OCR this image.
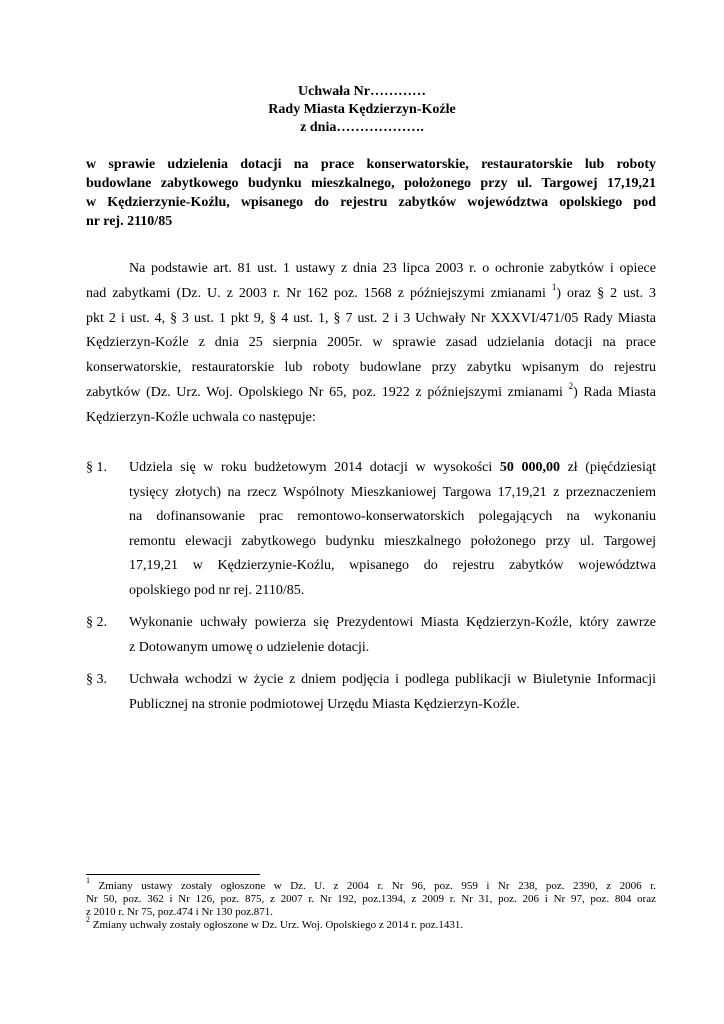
Uchwała Nr…………
Rady Miasta Kędzierzyn-Koźle
z dnia……………….
w sprawie udzielenia dotacji na prace konserwatorskie, restauratorskie lub roboty
budowlane zabytkowego budynku mieszkalnego, położonego przy ul. Targowej 17,19,21
w Kędzierzynie-Koźlu, wpisanego do rejestru zabytków województwa opolskiego pod
nr rej. 2110/85
Na podstawie art. 81 ust. 1 ustawy z dnia 23 lipca 2003 r. o ochronie zabytków i opiece
nad zabytkami (Dz. U. z 2003 r. Nr 162 poz. 1568 z późniejszymi zmianami $^1$) oraz § 2 ust. 3
pkt 2 i ust. 4, § 3 ust. 1 pkt 9, § 4 ust. 1, § 7 ust. 2 i 3 Uchwały Nr XXXVI/471/05 Rady Miasta
Kędzierzyn-Koźle z dnia 25 sierpnia 2005r. w sprawie zasad udzielania dotacji na prace
konserwatorskie, restauratorskie lub roboty budowlane przy zabytku wpisanym do rejestru
zabytków (Dz. Urz. Woj. Opolskiego Nr 65, poz. 1922 z późniejszymi zmianami $^2$) Rada Miasta
Kędzierzyn-Koźle uchwala co następuje:
§ 1. Udziela się w roku budżetowym 2014 dotacji w wysokości 50 000,00 zł (pięćdziesiąt
tysięcy złotych) na rzecz Wspólnoty Mieszkaniowej Targowa 17,19,21 z przeznaczeniem
na dofinansowanie prac remontowo-konserwatorskich polegających na wykonaniu
remontu elewacji zabytkowego budynku mieszkalnego położonego przy ul. Targowej
17,19,21 w Kędzierzynie-Koźlu, wpisanego do rejestru zabytków województwa
opolskiego pod nr rej. 2110/85.
§ 2. Wykonanie uchwały powierza się Prezydentowi Miasta Kędzierzyn-Koźle, który zawrze
z Dotowanym umowę o udzielenie dotacji.
§ 3. Uchwała wchodzi w życie z dniem podjęcia i podlega publikacji w Biuletynie Informacji
Publicznej na stronie podmiotowej Urzędu Miasta Kędzierzyn-Koźle.
$^1$ Zmiany ustawy zostały ogłoszone w Dz. U. z 2004 r. Nr 96, poz. 959 i Nr 238, poz. 2390, z 2006 r.
Nr 50, poz. 362 i Nr 126, poz. 875, z 2007 r. Nr 192, poz.1394, z 2009 r. Nr 31, poz. 206 i Nr 97, poz. 804 oraz
z 2010 r. Nr 75, poz.474 i Nr 130 poz.871.
$^2$ Zmiany uchwały zostały ogłoszone w Dz. Urz. Woj. Opolskiego z 2014 r. poz.1431.
